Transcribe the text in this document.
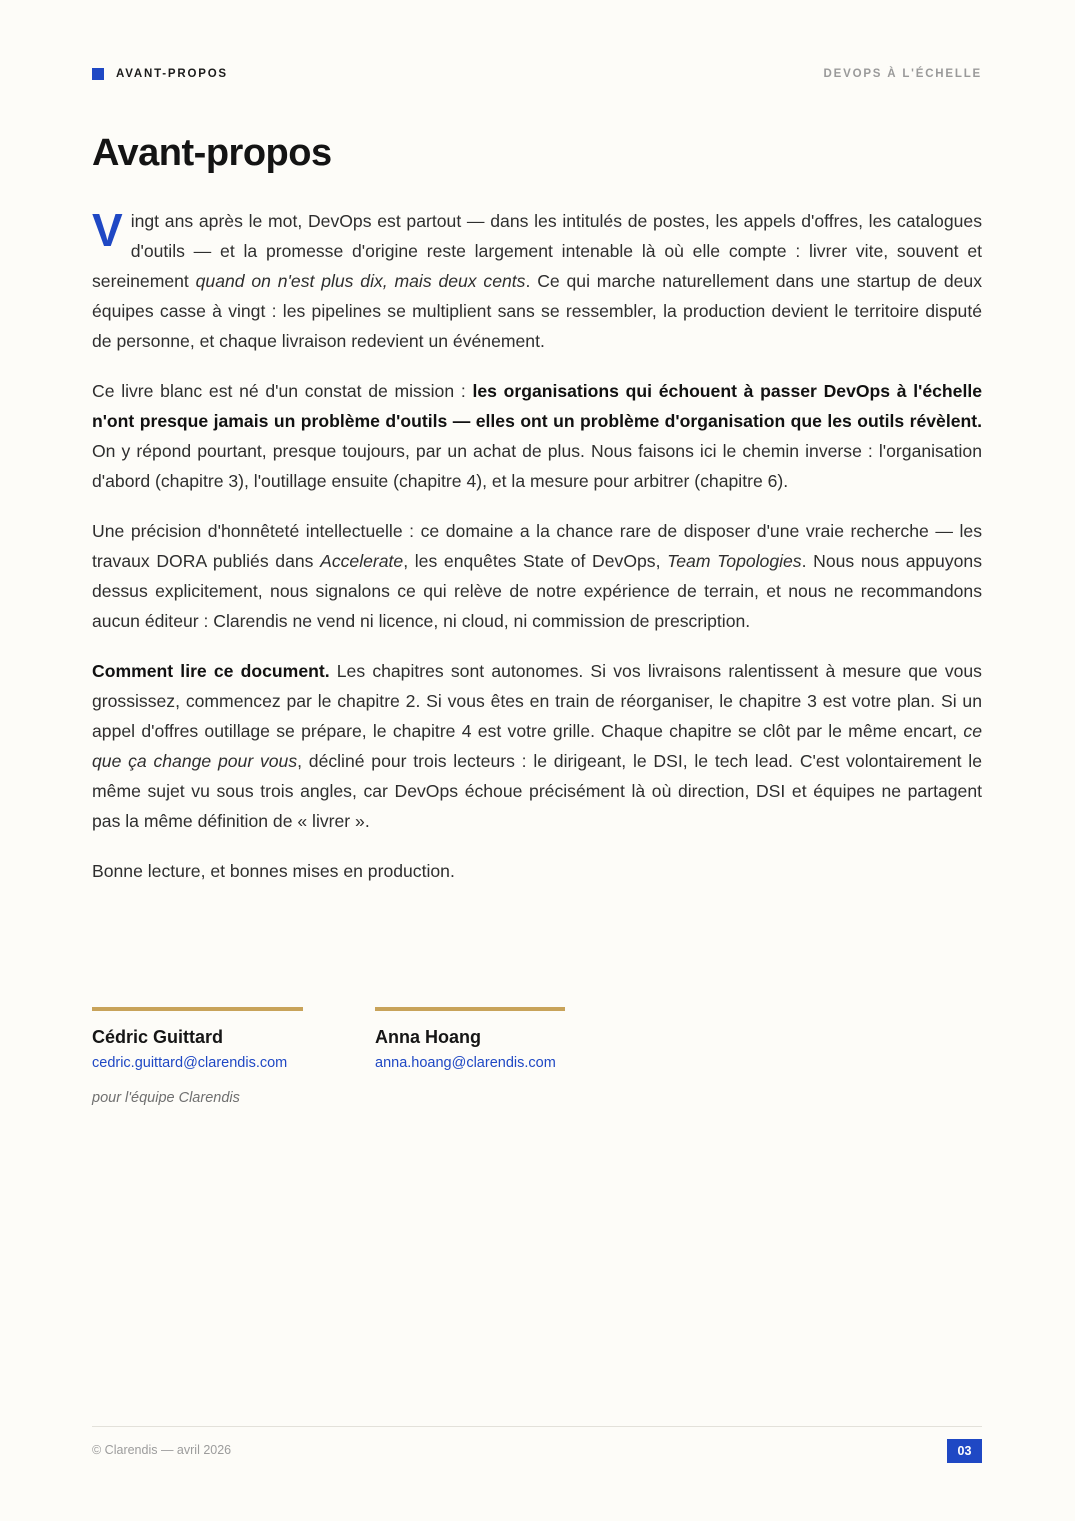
AVANT-PROPOS	DEVOPS À L'ÉCHELLE
Avant-propos

Vingt ans après le mot, DevOps est partout — dans les intitulés de postes, les appels d'offres, les catalogues d'outils — et la promesse d'origine reste largement intenable là où elle compte : livrer vite, souvent et sereinement quand on n'est plus dix, mais deux cents. Ce qui marche naturellement dans une startup de deux équipes casse à vingt : les pipelines se multiplient sans se ressembler, la production devient le territoire disputé de personne, et chaque livraison redevient un événement.

Ce livre blanc est né d'un constat de mission : les organisations qui échouent à passer DevOps à l'échelle n'ont presque jamais un problème d'outils — elles ont un problème d'organisation que les outils révèlent. On y répond pourtant, presque toujours, par un achat de plus. Nous faisons ici le chemin inverse : l'organisation d'abord (chapitre 3), l'outillage ensuite (chapitre 4), et la mesure pour arbitrer (chapitre 6).

Une précision d'honnêteté intellectuelle : ce domaine a la chance rare de disposer d'une vraie recherche — les travaux DORA publiés dans Accelerate, les enquêtes State of DevOps, Team Topologies. Nous nous appuyons dessus explicitement, nous signalons ce qui relève de notre expérience de terrain, et nous ne recommandons aucun éditeur : Clarendis ne vend ni licence, ni cloud, ni commission de prescription.

Comment lire ce document. Les chapitres sont autonomes. Si vos livraisons ralentissent à mesure que vous grossissez, commencez par le chapitre 2. Si vous êtes en train de réorganiser, le chapitre 3 est votre plan. Si un appel d'offres outillage se prépare, le chapitre 4 est votre grille. Chaque chapitre se clôt par le même encart, ce que ça change pour vous, décliné pour trois lecteurs : le dirigeant, le DSI, le tech lead. C'est volontairement le même sujet vu sous trois angles, car DevOps échoue précisément là où direction, DSI et équipes ne partagent pas la même définition de « livrer ».

Bonne lecture, et bonnes mises en production.

Cédric Guittard
cedric.guittard@clarendis.com
Anna Hoang
anna.hoang@clarendis.com
pour l'équipe Clarendis
© Clarendis — avril 2026	03
